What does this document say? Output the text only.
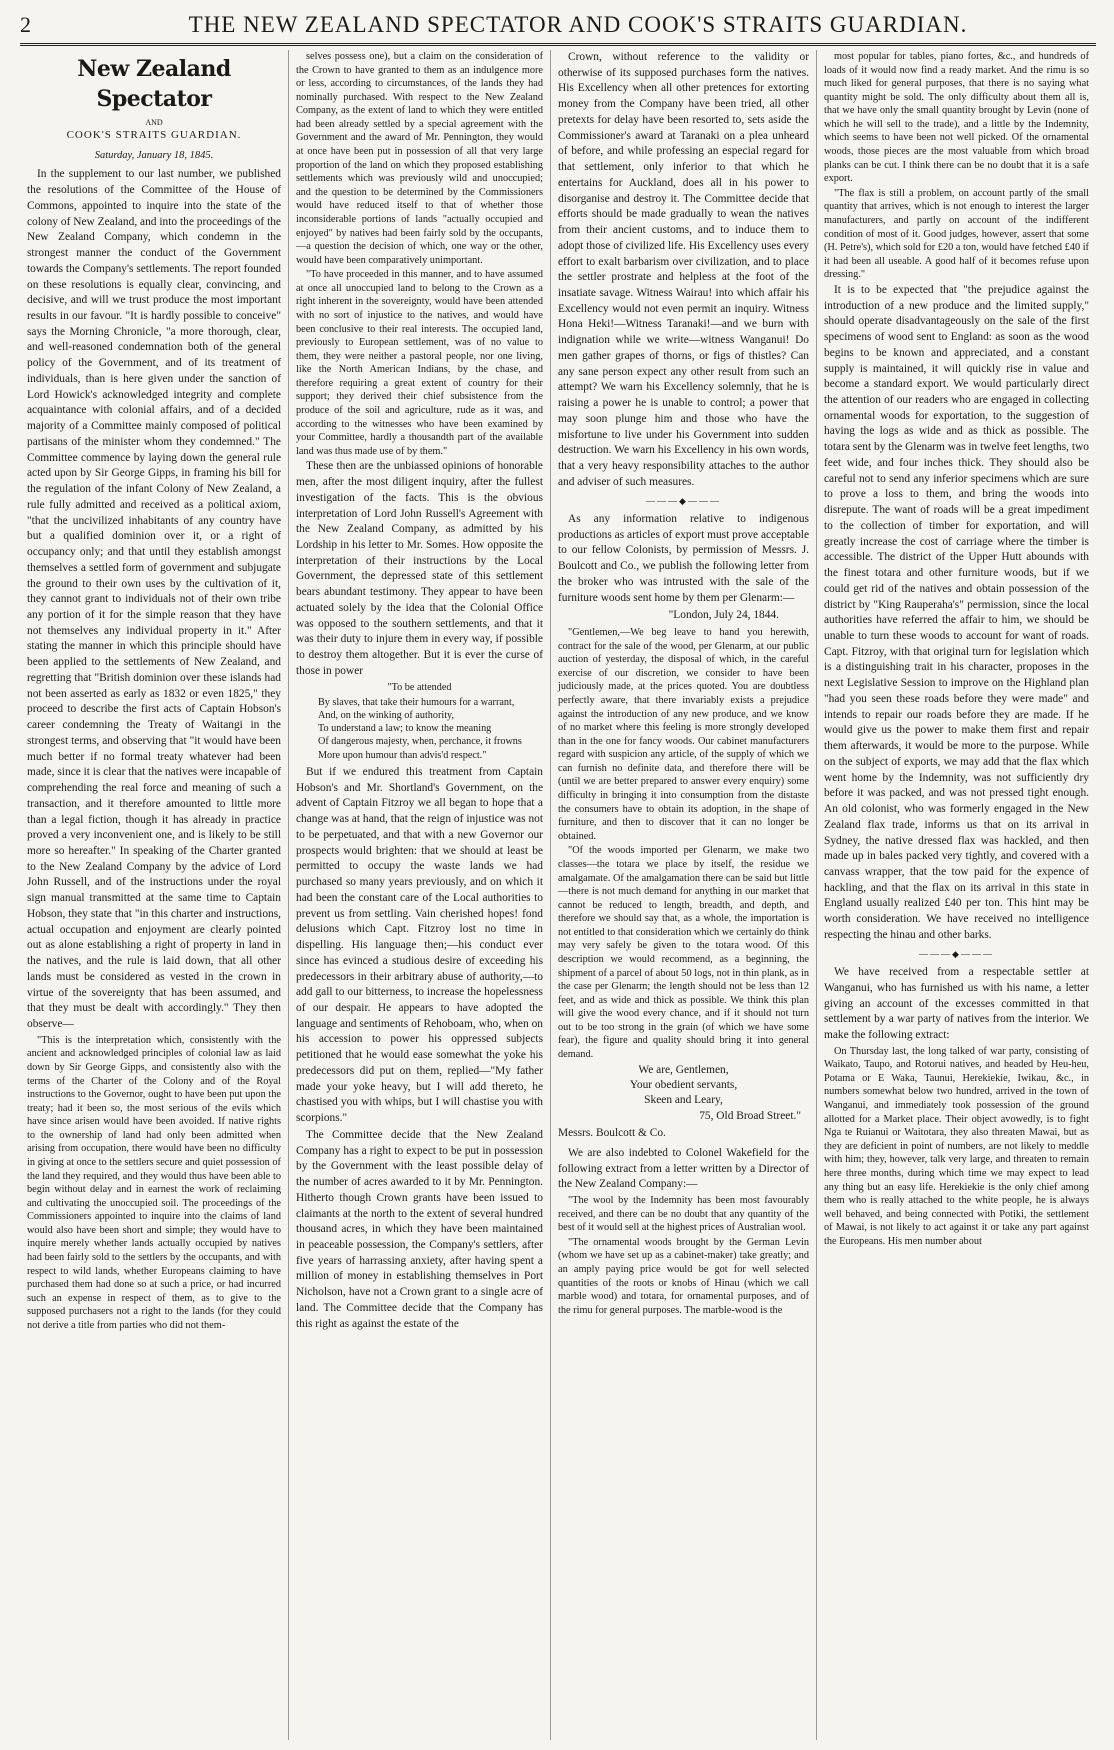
2	THE NEW ZEALAND SPECTATOR AND COOK'S STRAITS GUARDIAN.
New Zealand Spectator
AND
COOK'S STRAITS GUARDIAN.
Saturday, January 18, 1845.

In the supplement to our last number, we published the resolutions of the Committee of the House of Commons, appointed to inquire into the state of the colony of New Zealand, and into the proceedings of the New Zealand Company, which condemn in the strongest manner the conduct of the Government towards the Company's settlements. The report founded on these resolutions is equally clear, convincing, and decisive, and will we trust produce the most important results in our favour. "It is hardly possible to conceive" says the Morning Chronicle, "a more thorough, clear, and well-reasoned condemnation both of the general policy of the Government, and of its treatment of individuals, than is here given under the sanction of Lord Howick's acknowledged integrity and complete acquaintance with colonial affairs, and of a decided majority of a Committee mainly composed of political partisans of the minister whom they condemned." The Committee commence by laying down the general rule acted upon by Sir George Gipps, in framing his bill for the regulation of the infant Colony of New Zealand, a rule fully admitted and received as a political axiom, "that the uncivilized inhabitants of any country have but a qualified dominion over it, or a right of occupancy only; and that until they establish amongst themselves a settled form of government and subjugate the ground to their own uses by the cultivation of it, they cannot grant to individuals not of their own tribe any portion of it for the simple reason that they have not themselves any individual property in it." After stating the manner in which this principle should have been applied to the settlements of New Zealand, and regretting that "British dominion over these islands had not been asserted as early as 1832 or even 1825," they proceed to describe the first acts of Captain Hobson's career condemning the Treaty of Waitangi in the strongest terms, and observing that "it would have been much better if no formal treaty whatever had been made, since it is clear that the natives were incapable of comprehending the real force and meaning of such a transaction, and it therefore amounted to little more than a legal fiction, though it has already in practice proved a very inconvenient one, and is likely to be still more so hereafter." In speaking of the Charter granted to the New Zealand Company by the advice of Lord John Russell, and of the instructions under the royal sign manual transmitted at the same time to Captain Hobson, they state that "in this charter and instructions, actual occupation and enjoyment are clearly pointed out as alone establishing a right of property in land in the natives, and the rule is laid down, that all other lands must be considered as vested in the crown in virtue of the sovereignty that has been assumed, and that they must be dealt with accordingly." They then observe—

"This is the interpretation which, consistently with the ancient and acknowledged principles of colonial law as laid down by Sir George Gipps, and consistently also with the terms of the Charter of the Colony and of the Royal instructions to the Governor, ought to have been put upon the treaty; had it been so, the most serious of the evils which have since arisen would have been avoided. If native rights to the ownership of land had only been admitted when arising from occupation, there would have been no difficulty in giving at once to the settlers secure and quiet possession of the land they required, and they would thus have been able to begin without delay and in earnest the work of reclaiming and cultivating the unoccupied soil. The proceedings of the Commissioners appointed to inquire into the claims of land would also have been short and simple; they would have to inquire merely whether lands actually occupied by natives had been fairly sold to the settlers by the occupants, and with respect to wild lands, whether Europeans claiming to have purchased them had done so at such a price, or had incurred such an expense in respect of them, as to give to the supposed purchasers not a right to the lands (for they could not derive a title from parties who did not them-

selves possess one), but a claim on the consideration of the Crown to have granted to them as an indulgence more or less, according to circumstances, of the lands they had nominally purchased. With respect to the New Zealand Company, as the extent of land to which they were entitled had been already settled by a special agreement with the Government and the award of Mr. Pennington, they would at once have been put in possession of all that very large proportion of the land on which they proposed establishing settlements which was previously wild and unoccupied; and the question to be determined by the Commissioners would have reduced itself to that of whether those inconsiderable portions of lands "actually occupied and enjoyed" by natives had been fairly sold by the occupants,—a question the decision of which, one way or the other, would have been comparatively unimportant.

"To have proceeded in this manner, and to have assumed at once all unoccupied land to belong to the Crown as a right inherent in the sovereignty, would have been attended with no sort of injustice to the natives, and would have been conclusive to their real interests. The occupied land, previously to European settlement, was of no value to them, they were neither a pastoral people, nor one living, like the North American Indians, by the chase, and therefore requiring a great extent of country for their support; they derived their chief subsistence from the produce of the soil and agriculture, rude as it was, and according to the witnesses who have been examined by your Committee, hardly a thousandth part of the available land was thus made use of by them."

These then are the unbiassed opinions of honorable men, after the most diligent inquiry, after the fullest investigation of the facts. This is the obvious interpretation of Lord John Russell's Agreement with the New Zealand Company, as admitted by his Lordship in his letter to Mr. Somes. How opposite the interpretation of their instructions by the Local Government, the depressed state of this settlement bears abundant testimony. They appear to have been actuated solely by the idea that the Colonial Office was opposed to the southern settlements, and that it was their duty to injure them in every way, if possible to destroy them altogether. But it is ever the curse of those in power

"To be attended
By slaves, that take their humours for a warrant,
And, on the winking of authority,
To understand a law; to know the meaning
Of dangerous majesty, when, perchance, it frowns
More upon humour than advis'd respect."

But if we endured this treatment from Captain Hobson's and Mr. Shortland's Government, on the advent of Captain Fitzroy we all began to hope that a change was at hand, that the reign of injustice was not to be perpetuated, and that with a new Governor our prospects would brighten: that we should at least be permitted to occupy the waste lands we had purchased so many years previously, and on which it had been the constant care of the Local authorities to prevent us from settling. Vain cherished hopes! fond delusions which Capt. Fitzroy lost no time in dispelling. His language then;—his conduct ever since has evinced a studious desire of exceeding his predecessors in their arbitrary abuse of authority,—to add gall to our bitterness, to increase the hopelessness of our despair. He appears to have adopted the language and sentiments of Rehoboam, who, when on his accession to power his oppressed subjects petitioned that he would ease somewhat the yoke his predecessors did put on them, replied—"My father made your yoke heavy, but I will add thereto, he chastised you with whips, but I will chastise you with scorpions."

The Committee decide that the New Zealand Company has a right to expect to be put in possession by the Government with the least possible delay of the number of acres awarded to it by Mr. Pennington. Hitherto though Crown grants have been issued to claimants at the north to the extent of several hundred thousand acres, in which they have been maintained in peaceable possession, the Company's settlers, after five years of harrassing anxiety, after having spent a million of money in establishing themselves in Port Nicholson, have not a Crown grant to a single acre of land. The Committee decide that the Company has this right as against the estate of the

Crown, without reference to the validity or otherwise of its supposed purchases form the natives. His Excellency when all other pretences for extorting money from the Company have been tried, all other pretexts for delay have been resorted to, sets aside the Commissioner's award at Taranaki on a plea unheard of before, and while professing an especial regard for that settlement, only inferior to that which he entertains for Auckland, does all in his power to disorganise and destroy it. The Committee decide that efforts should be made gradually to wean the natives from their ancient customs, and to induce them to adopt those of civilized life. His Excellency uses every effort to exalt barbarism over civilization, and to place the settler prostrate and helpless at the foot of the insatiate savage. Witness Wairau! into which affair his Excellency would not even permit an inquiry. Witness Hona Heki!—Witness Taranaki!—and we burn with indignation while we write—witness Wanganui! Do men gather grapes of thorns, or figs of thistles? Can any sane person expect any other result from such an attempt? We warn his Excellency solemnly, that he is raising a power he is unable to control; a power that may soon plunge him and those who have the misfortune to live under his Government into sudden destruction. We warn his Excellency in his own words, that a very heavy responsibility attaches to the author and adviser of such measures.

———◆———

As any information relative to indigenous productions as articles of export must prove acceptable to our fellow Colonists, by permission of Messrs. J. Boulcott and Co., we publish the following letter from the broker who was intrusted with the sale of the furniture woods sent home by them per Glenarm:—

"London, July 24, 1844.

"Gentlemen,—We beg leave to hand you herewith, contract for the sale of the wood, per Glenarm, at our public auction of yesterday, the disposal of which, in the careful exercise of our discretion, we consider to have been judiciously made, at the prices quoted. You are doubtless perfectly aware, that there invariably exists a prejudice against the introduction of any new produce, and we know of no market where this feeling is more strongly developed than in the one for fancy woods. Our cabinet manufacturers regard with suspicion any article, of the supply of which we can furnish no definite data, and therefore there will be (until we are better prepared to answer every enquiry) some difficulty in bringing it into consumption from the distaste the consumers have to obtain its adoption, in the shape of furniture, and then to discover that it can no longer be obtained.

"Of the woods imported per Glenarm, we make two classes—the totara we place by itself, the residue we amalgamate. Of the amalgamation there can be said but little—there is not much demand for anything in our market that cannot be reduced to length, breadth, and depth, and therefore we should say that, as a whole, the importation is not entitled to that consideration which we certainly do think may very safely be given to the totara wood. Of this description we would recommend, as a beginning, the shipment of a parcel of about 50 logs, not in thin plank, as in the case per Glenarm; the length should not be less than 12 feet, and as wide and thick as possible. We think this plan will give the wood every chance, and if it should not turn out to be too strong in the grain (of which we have some fear), the figure and quality should bring it into general demand.

We are, Gentlemen,
Your obedient servants,
Skeen and Leary,
75, Old Broad Street."

Messrs. Boulcott & Co.

We are also indebted to Colonel Wakefield for the following extract from a letter written by a Director of the New Zealand Company:—

"The wool by the Indemnity has been most favourably received, and there can be no doubt that any quantity of the best of it would sell at the highest prices of Australian wool.

"The ornamental woods brought by the German Levin (whom we have set up as a cabinet-maker) take greatly; and an amply paying price would be got for well selected quantities of the roots or knobs of Hinau (which we call marble wood) and totara, for ornamental purposes, and of the rimu for general purposes. The marble-wood is the

most popular for tables, piano fortes, &c., and hundreds of loads of it would now find a ready market. And the rimu is so much liked for general purposes, that there is no saying what quantity might be sold. The only difficulty about them all is, that we have only the small quantity brought by Levin (none of which he will sell to the trade), and a little by the Indemnity, which seems to have been not well picked. Of the ornamental woods, those pieces are the most valuable from which broad planks can be cut. I think there can be no doubt that it is a safe export.

"The flax is still a problem, on account partly of the small quantity that arrives, which is not enough to interest the larger manufacturers, and partly on account of the indifferent condition of most of it. Good judges, however, assert that some (H. Petre's), which sold for £20 a ton, would have fetched £40 if it had been all useable. A good half of it becomes refuse upon dressing."

It is to be expected that "the prejudice against the introduction of a new produce and the limited supply," should operate disadvantageously on the sale of the first specimens of wood sent to England: as soon as the wood begins to be known and appreciated, and a constant supply is maintained, it will quickly rise in value and become a standard export. We would particularly direct the attention of our readers who are engaged in collecting ornamental woods for exportation, to the suggestion of having the logs as wide and as thick as possible. The totara sent by the Glenarm was in twelve feet lengths, two feet wide, and four inches thick. They should also be careful not to send any inferior specimens which are sure to prove a loss to them, and bring the woods into disrepute. The want of roads will be a great impediment to the collection of timber for exportation, and will greatly increase the cost of carriage where the timber is accessible. The district of the Upper Hutt abounds with the finest totara and other furniture woods, but if we could get rid of the natives and obtain possession of the district by "King Rauperaha's" permission, since the local authorities have referred the affair to him, we should be unable to turn these woods to account for want of roads. Capt. Fitzroy, with that original turn for legislation which is a distinguishing trait in his character, proposes in the next Legislative Session to improve on the Highland plan "had you seen these roads before they were made" and intends to repair our roads before they are made. If he would give us the power to make them first and repair them afterwards, it would be more to the purpose. While on the subject of exports, we may add that the flax which went home by the Indemnity, was not sufficiently dry before it was packed, and was not pressed tight enough. An old colonist, who was formerly engaged in the New Zealand flax trade, informs us that on its arrival in Sydney, the native dressed flax was hackled, and then made up in bales packed very tightly, and covered with a canvass wrapper, that the tow paid for the expence of hackling, and that the flax on its arrival in this state in England usually realized £40 per ton. This hint may be worth consideration. We have received no intelligence respecting the hinau and other barks.

———◆———

We have received from a respectable settler at Wanganui, who has furnished us with his name, a letter giving an account of the excesses committed in that settlement by a war party of natives from the interior. We make the following extract:

On Thursday last, the long talked of war party, consisting of Waikato, Taupo, and Rotorui natives, and headed by Heu-heu, Potama or E Waka, Taunui, Herekiekie, Iwikau, &c., in numbers somewhat below two hundred, arrived in the town of Wanganui, and immediately took possession of the ground allotted for a Market place. Their object avowedly, is to fight Nga te Ruianui or Waitotara, they also threaten Mawai, but as they are deficient in point of numbers, are not likely to meddle with him; they, however, talk very large, and threaten to remain here three months, during which time we may expect to lead any thing but an easy life. Herekiekie is the only chief among them who is really attached to the white people, he is always well behaved, and being connected with Potiki, the settlement of Mawai, is not likely to act against it or take any part against the Europeans. His men number about
